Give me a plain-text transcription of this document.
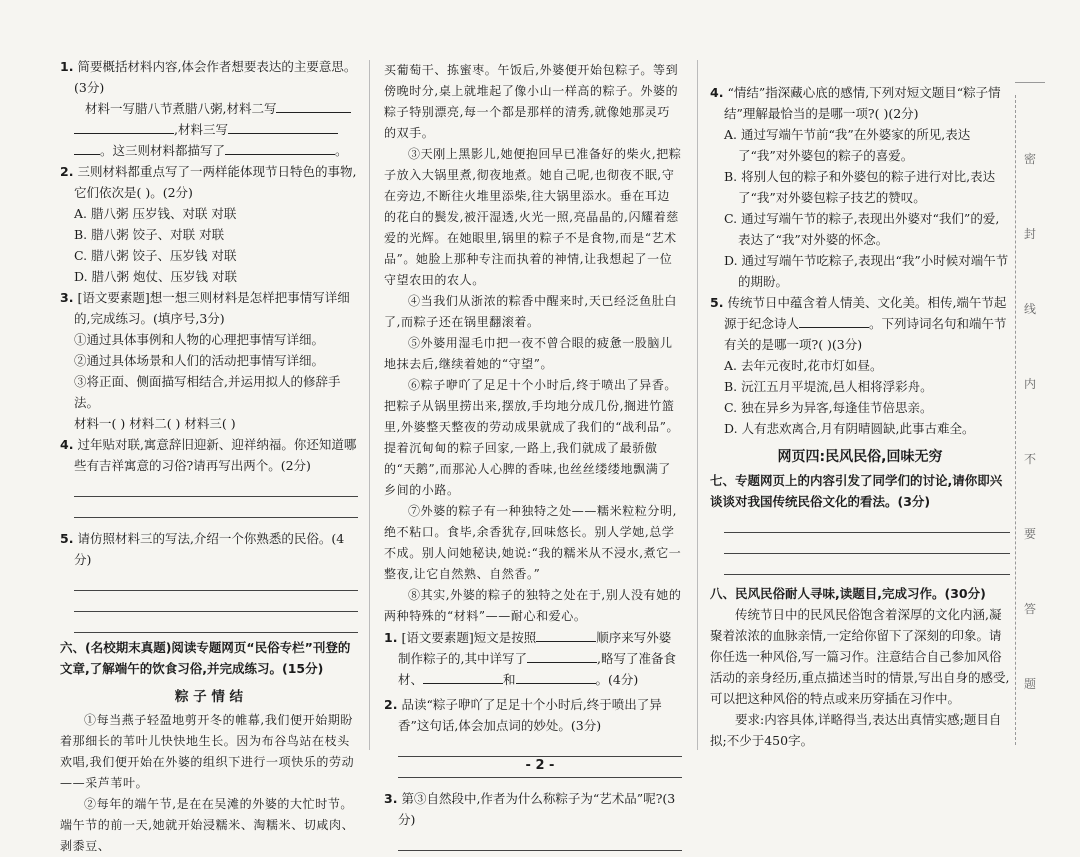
密
封
线
内
不
要
答
题

1. 简要概括材料内容,体会作者想要表达的主要意思。(3分)

材料一写腊八节煮腊八粥,材料二写

,材料三写

。这三则材料都描写了	。

2. 三则材料都重点写了一两样能体现节日特色的事物,它们依次是( )。(2分)

A. 腊八粥 压岁钱、对联 对联

B. 腊八粥 饺子、对联 对联

C. 腊八粥 饺子、压岁钱 对联

D. 腊八粥 炮仗、压岁钱 对联

3. [语文要素题]想一想三则材料是怎样把事情写详细的,完成练习。(填序号,3分)

①通过具体事例和人物的心理把事情写详细。

②通过具体场景和人们的活动把事情写详细。

③将正面、侧面描写相结合,并运用拟人的修辞手法。

材料一( ) 材料二( ) 材料三( )

4. 过年贴对联,寓意辞旧迎新、迎祥纳福。你还知道哪些有吉祥寓意的习俗?请再写出两个。(2分)

5. 请仿照材料三的写法,介绍一个你熟悉的民俗。(4分)

六、(名校期末真题)阅读专题网页“民俗专栏”刊登的文章,了解端午的饮食习俗,并完成练习。(15分)

粽 子 情 结

①每当燕子轻盈地剪开冬的帷幕,我们便开始期盼着那细长的苇叶儿快快地生长。因为布谷鸟站在枝头欢唱,我们便开始在外婆的组织下进行一项快乐的劳动——采芦苇叶。

②每年的端午节,是在在吴滩的外婆的大忙时节。端午节的前一天,她就开始浸糯米、淘糯米、切咸肉、剥黍豆、

买葡萄干、拣蜜枣。午饭后,外婆便开始包粽子。等到傍晚时分,桌上就堆起了像小山一样高的粽子。外婆的粽子特别漂亮,每一个都是那样的清秀,就像她那灵巧的双手。

③天刚上黑影儿,她便抱回早已准备好的柴火,把粽子放入大锅里煮,彻夜地煮。她自己呢,也彻夜不眠,守在旁边,不断往火堆里添柴,往大锅里添水。垂在耳边的花白的鬓发,被汗湿透,火光一照,亮晶晶的,闪耀着慈爱的光辉。在她眼里,锅里的粽子不是食物,而是“艺术品”。她脸上那种专注而执着的神情,让我想起了一位守望农田的农人。

④当我们从浙浓的粽香中醒来时,天已经泛鱼肚白了,而粽子还在锅里翻滚着。

⑤外婆用湿毛巾把一夜不曾合眼的疲惫一股脑儿地抹去后,继续着她的“守望”。

⑥粽子咿吖了足足十个小时后,终于喷出了异香。把粽子从锅里捞出来,摆放,手均地分成几份,搁进竹篮里,外婆整天整夜的劳动成果就成了我们的“战利品”。提着沉甸甸的粽子回家,一路上,我们就成了最骄傲的“天鹅”,而那沁人心脾的香味,也丝丝缕缕地飘满了乡间的小路。

⑦外婆的粽子有一种独特之处——糯米粒粒分明,绝不粘口。食毕,余香犹存,回味悠长。别人学她,总学不成。别人问她秘诀,她说:“我的糯米从不浸水,煮它一整夜,让它自然熟、自然香。”

⑧其实,外婆的粽子的独特之处在于,别人没有她的两种特殊的“材料”——耐心和爱心。

1. [语文要素题]短文是按照	顺序来写外婆制作粽子的,其中详写了	,略写了准备食材、	和	。(4分)

2. 品读“粽子咿吖了足足十个小时后,终于喷出了异香”这句话,体会加点词的妙处。(3分)

3. 第③自然段中,作者为什么称粽子为“艺术品”呢?(3分)

4. “情结”指深藏心底的感情,下列对短文题目“粽子情结”理解最恰当的是哪一项?( )(2分)

A. 通过写端午节前“我”在外婆家的所见,表达了“我”对外婆包的粽子的喜爱。

B. 将别人包的粽子和外婆包的粽子进行对比,表达了“我”对外婆包粽子技艺的赞叹。

C. 通过写端午节的粽子,表现出外婆对“我们”的爱,表达了“我”对外婆的怀念。

D. 通过写端午节吃粽子,表现出“我”小时候对端午节的期盼。

5. 传统节日中蕴含着人情美、文化美。相传,端午节起源于纪念诗人	。下列诗词名句和端午节有关的是哪一项?( )(3分)

A. 去年元夜时,花市灯如昼。

B. 沅江五月平堤流,邑人相将浮彩舟。

C. 独在异乡为异客,每逢佳节倍思亲。

D. 人有悲欢离合,月有阴晴圆缺,此事古难全。

网页四:民风民俗,回味无穷

七、专题网页上的内容引发了同学们的讨论,请你即兴谈谈对我国传统民俗文化的看法。(3分)

八、民风民俗耐人寻味,读题目,完成习作。(30分)

传统节日中的民风民俗饱含着深厚的文化内涵,凝聚着浓浓的血脉亲情,一定给你留下了深刻的印象。请你任选一种风俗,写一篇习作。注意结合自己参加风俗活动的亲身经历,重点描述当时的情景,写出自身的感受,可以把这种风俗的特点或来历穿插在习作中。

要求:内容具体,详略得当,表达出真情实感;题目自拟;不少于450字。

- 2 -
